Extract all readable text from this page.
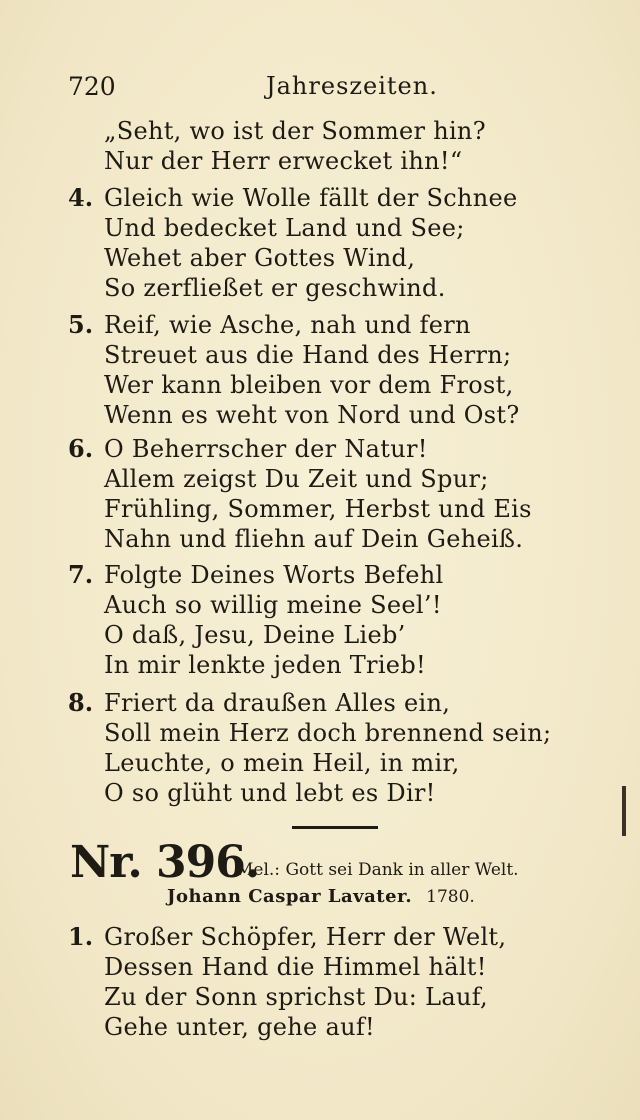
720	Jahreszeiten.
„Seht, wo ist der Sommer hin?
Nur der Herr erwecket ihn!“
4. Gleich wie Wolle fällt der Schnee
Und bedecket Land und See;
Wehet aber Gottes Wind,
So zerfließet er geschwind.
5. Reif, wie Asche, nah und fern
Streuet aus die Hand des Herrn;
Wer kann bleiben vor dem Frost,
Wenn es weht von Nord und Ost?
6. O Beherrscher der Natur!
Allem zeigst Du Zeit und Spur;
Frühling, Sommer, Herbst und Eis
Nahn und fliehn auf Dein Geheiß.
7. Folgte Deines Worts Befehl
Auch so willig meine Seel’!
O daß, Jesu, Deine Lieb’
In mir lenkte jeden Trieb!
8. Friert da draußen Alles ein,
Soll mein Herz doch brennend sein;
Leuchte, o mein Heil, in mir,
O so glüht und lebt es Dir!
Nr. 396.
Mel.: Gott sei Dank in aller Welt.
Johann Caspar Lavater. 1780.
1. Großer Schöpfer, Herr der Welt,
Dessen Hand die Himmel hält!
Zu der Sonn sprichst Du: Lauf,
Gehe unter, gehe auf!
